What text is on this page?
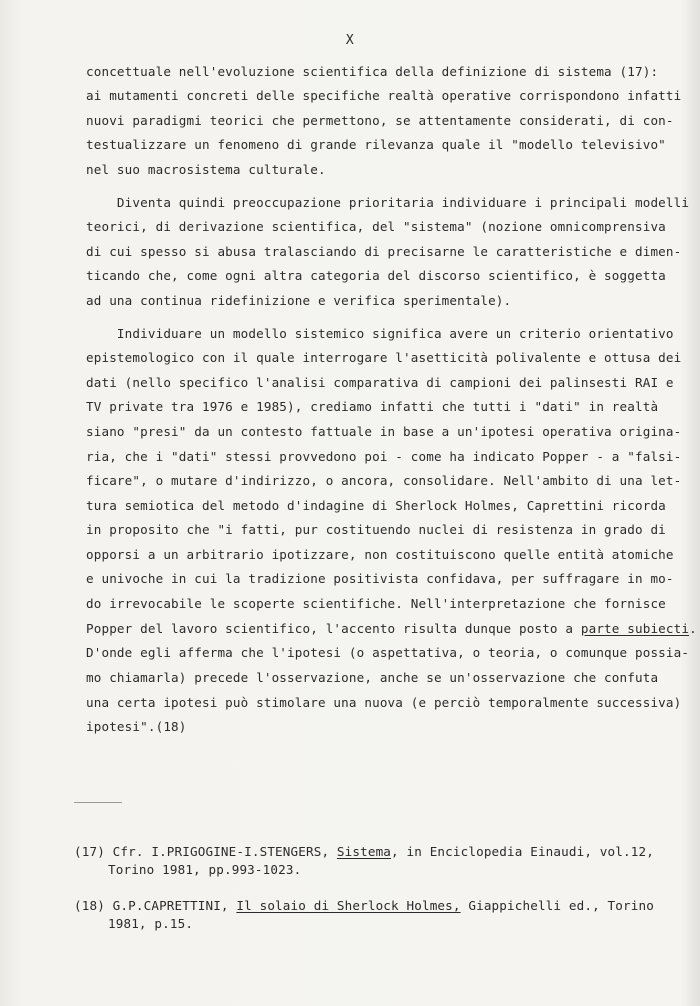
X
concettuale nell'evoluzione scientifica della definizione di sistema (17):
ai mutamenti concreti delle specifiche realtà operative corrispondono infatti
nuovi paradigmi teorici che permettono, se attentamente considerati, di con-
testualizzare un fenomeno di grande rilevanza quale il "modello televisivo"
nel suo macrosistema culturale.
Diventa quindi preoccupazione prioritaria individuare i principali modelli
teorici, di derivazione scientifica, del "sistema" (nozione omnicomprensiva
di cui spesso si abusa tralasciando di precisarne le caratteristiche e dimen-
ticando che, come ogni altra categoria del discorso scientifico, è soggetta
ad una continua ridefinizione e verifica sperimentale).
Individuare un modello sistemico significa avere un criterio orientativo
epistemologico con il quale interrogare l'asetticità polivalente e ottusa dei
dati (nello specifico l'analisi comparativa di campioni dei palinsesti RAI e
TV private tra 1976 e 1985), crediamo infatti che tutti i "dati" in realtà
siano "presi" da un contesto fattuale in base a un'ipotesi operativa origina-
ria, che i "dati" stessi provvedono poi - come ha indicato Popper - a "falsi-
ficare", o mutare d'indirizzo, o ancora, consolidare. Nell'ambito di una let-
tura semiotica del metodo d'indagine di Sherlock Holmes, Caprettini ricorda
in proposito che "i fatti, pur costituendo nuclei di resistenza in grado di
opporsi a un arbitrario ipotizzare, non costituiscono quelle entità atomiche
e univoche in cui la tradizione positivista confidava, per suffragare in mo-
do irrevocabile le scoperte scientifiche. Nell'interpretazione che fornisce
Popper del lavoro scientifico, l'accento risulta dunque posto a parte subiecti.
D'onde egli afferma che l'ipotesi (o aspettativa, o teoria, o comunque possia-
mo chiamarla) precede l'osservazione, anche se un'osservazione che confuta
una certa ipotesi può stimolare una nuova (e perciò temporalmente successiva)
ipotesi".(18)
(17) Cfr. I.PRIGOGINE-I.STENGERS, Sistema, in Enciclopedia Einaudi, vol.12,
Torino 1981, pp.993-1023.
(18) G.P.CAPRETTINI, Il solaio di Sherlock Holmes, Giappichelli ed., Torino
1981, p.15.
